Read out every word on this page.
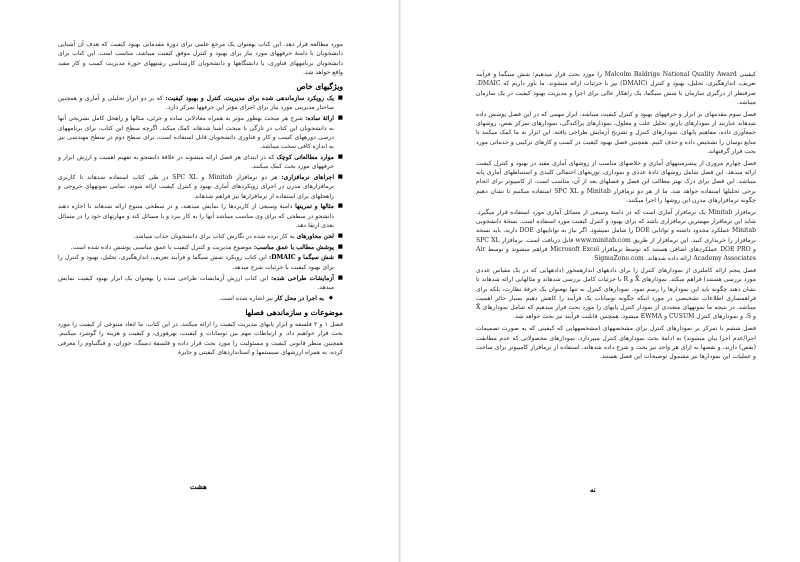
مورد مطالعه قرار دهد. این کتاب بهعنوان یک مرجع علمی برای دورۀ مقدماتی بهبود کیفیت که هدف آن آشنایی دانشجویان با دامنۀ حرفههای مورد نیاز برای بهبود و کنترل موفق کیفیت میباشد، مناسب است. این کتاب برای دانشجویان برنامههای فناوری، یا دانشگاهها و دانشجویان کارشناسی رشتههای حوزۀ مدیریت کسب و کار مفید واقع خواهد شد.

ویژگیهای خاص
■ یک رویکرد سازماندهی شده برای مدیریت، کنترل و بهبود کیفیت: که بر دو ابزار تحلیلی و آماری و همچنین ساختار مدیریتی مورد نیاز برای اجرای مؤثر این حرفهها تمرکز دارد.
■ ارائۀ ساده: شرح هر مبحث بهطور موثر به همراه معادلاتی ساده و جزئی، مثالها و راهحل کامل تشریحی آنها به دانشجویان این کتاب در تازگی با مبحث آشنا شدهاند کمک میکند. اگرچه سطح این کتاب، برای برنامههای درسی دورههای کسب و کار و فناوری دانشجویان قابل استفاده است، برای سطح دوم در سطح مهندسی نیز به اندازه کافی سخت میباشد.
■ موارد مطالعاتی کوچک که در ابتدای هر فصل ارائه میشوند در علاقۀ دانشجو به تفهیم اهمیت و ارزش ابزار و حرفههای مورد بحث کمک میکنند.
■ اجراهای نرمافزاری: هر دو نرمافزار Minitab و SPC XL در طی کتاب استفاده شدهاند تا کاربری نرمافزارهای مدرن در اجرای رویکردهای آماری بهبود و کنترل کیفیت ارائه شوند. تمامی نمونههای خروجی و راهحلهای برای استفاده از نرمافزارها نیز فراهم شدهاند.
■ مثالها و تمرینها دامنۀ وسیعی از کاربردها را نمایش میدهند، و در سطحی متنوع ارائه شدهاند تا اجازه دهند دانشجو در سطحی که برای وی مناسب میباشد آنها را به کار ببرد و با مسائل کند و مهارتهای خود را در مسائل بعدی ارتقا دهد.
■ لحن محاورهای به کار برده شده در نگارش کتاب برای دانشجویان جذاب میباشد.
■ پوشش مطالب با عمق مناسب: موضوع مدیریت و کنترل کیفیت با عمق مناسبی پوشش داده شده است.
■ شش سیگما و DMAIC: این کتاب رویکرد شش سیگما و فرآیند تعریف، اندازهگیری، تحلیل، بهبود و کنترل را برای بهبود کیفیت با جزئیات شرح میدهد.
■ آزمایشات طراحی شده: این کتاب ارزش آزمایشات طراحی شده را بهعنوان یک ابزار بهبود کیفیت نمایش میدهد.
◆ به اجرا در محل کار نیز اشاره شده است.
موضوعات و سازماندهی فصلها

فصل ۱ و ۲ فلسفه و ابزار پایهای مدیریت کیفیت را ارائه میکنند. در این کتاب، ما ابعاد متنوعی از کیفیت را مورد بحث قرار خواهیم داد، و ارتباطات مهم بین نوسانات و کیفیت، بهرهوری، و کیفیت و هزینه را گوشزد میکنیم. همچنین منظر قانونی کیفیت و مسئولیت را مورد بحث قرار داده و فلسفۀ دمینگ، جوران، و فیگنباوم را معرفی کرده، به همراه ارزشهای سیستمها و استانداردهای کیفیتی و جایزۀ

هشت

کیفیتی Malcolm Baldrige National Quality Award را مورد بحث قرار میدهیم؛ شش سیگما و فرآیند تعریف، اندازهگیری، تحلیل، بهبود و کنترل (DMAIC) نیز با جزئیات ارائه میشوند. ما باور داریم که DMAIC، صرفنظر از درگیری سازمان با شش سیگما، یک راهکار عالی برای اجرا و مدیریت بهبود کیفیت در یک سازمان میباشد.

فصل سوم مقدمهای بر ابزار و حرفههای بهبود و کنترل کیفیت میباشد. ابزار مهمی که در این فصل پوشش داده شدهاند عبارتند از نمودارهای پارتو، تحلیل علت و معلول، نمودارهای پراکندگی، نمودارهای تمرکز نقص، روشهای جمعآوری داده، مفاهیم پایهای، نمودارهای کنترل و تشریح آزمایش طراحی یافته. این ابزار به ما کمک میکنند تا منابع نوسان را تشخیص داده و حذف کنیم. همچنین فصل بهبود کیفیت در کسب و کارهای ترکیبی و خدماتی مورد بحث قرار گرفتهاند.

فصل چهارم مروری از پیشزمینههای آماری و خلاصهای مناسب از روشهای آماری مفید در بهبود و کنترل کیفیت ارائه میدهد. این فصل شامل روشهای دادۀ عددی و نموداری، توزیعهای احتمالی کلیدی و استنباطهای آماری پایه میباشد. این فصل برای درک بهتر مطالب این فصل و فصلهای بعد از آن، مناسب است. از کامپیوتر برای انجام برخی تحلیلها استفاده خواهد شد. ما از هر دو نرمافزار Minitab و SPC XL استفاده میکنیم تا نشان دهیم چگونه نرمافزارهای مدرن این روشها را اجرا میکنند.

نرمافزار Minitab یک نرمافزار آماری است که در دامنۀ وسیعی از مسائل آماری مورد استفاده قرار میگیرد. شاید این نرمافزار مهمترین نرمافزاری باشد که برای بهبود و کنترل کیفیت مورد استفاده است. نسخۀ دانشجویی Minitab عملکرد محدود داشته و توانایی DOE را شامل نمیشود. اگر نیاز به تواناییهای DOE دارید، باید نسخه نرمافزار را خریداری کنید. این نرمافزار از طریق www.minitab.com قابل دریافت است. نرمافزار SPC XL و DOE PRO عملکردهای اضافی هستند که توسط نرمافزار Microsoft Excel فراهم میشوند و توسط Air Academy Associates ارائه داده شدهاند. SigmaZone.com

فصل پنجم ارائه کاملتری از نمودارهای کنترل را برای دادههای اندازهمحور (دادههایی که در یک مقیاس عددی مورد بررسی هستند) فراهم میکند. نمودارهای X̄ و R با جزئیات کامل بررسی شدهاند و مثالهایی ارائه شدهاند تا نشان دهند چگونه باید این نمودارها را رسم نمود. نمودارهای کنترل نه تنها بهعنوان یک حرفۀ نظارت، بلکه برای فراهمسازی اطلاعات تشخیصی در مورد اینکه چگونه نوسانات یک فرآیند را کاهش دهیم بسیار حائز اهمیت میباشد. در نتیجه ما نمونههای متعددی از نمودار کنترل پایهای را مورد بحث قرار میدهیم که شامل نمودارهای X̄ و S، و نمودارهای کنترل CUSUM و EWMA میشود. همچنین قابلیت فرآیند نیز بحث خواهد شد.

فصل ششم با تمرکز بر نمودارهای کنترل برای مشخصههای (مشخصههایی که کیفیتی که به صورت تصمیمات اجزا/عدم اجزا بیان میشوند) به ادامۀ بحث نمودارهای کنترل میپردازد. نمودارهای محصولاتی که عدم مطابقت (نقص) دارند، و نقصها به ازای هر واحد نیز بحث و شرح داده شدهاند. استفاده از نرمافزار کامپیوتر برای ساخت و عملیات این نمودارها نیز مشمول توضیحات این فصل هستند.

نه
